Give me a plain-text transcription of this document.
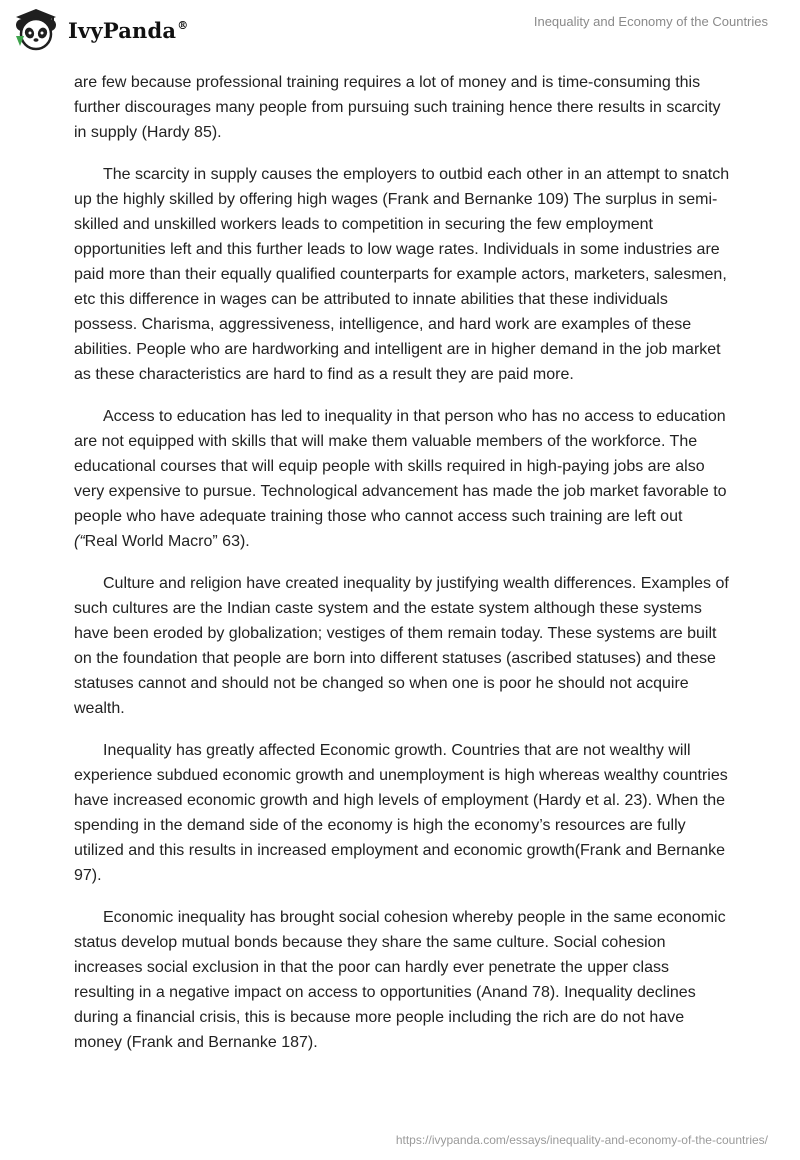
IvyPanda®	Inequality and Economy of the Countries

are few because professional training requires a lot of money and is time-consuming this further discourages many people from pursuing such training hence there results in scarcity in supply (Hardy 85).

The scarcity in supply causes the employers to outbid each other in an attempt to snatch up the highly skilled by offering high wages (Frank and Bernanke 109) The surplus in semi-skilled and unskilled workers leads to competition in securing the few employment opportunities left and this further leads to low wage rates. Individuals in some industries are paid more than their equally qualified counterparts for example actors, marketers, salesmen, etc this difference in wages can be attributed to innate abilities that these individuals possess. Charisma, aggressiveness, intelligence, and hard work are examples of these abilities. People who are hardworking and intelligent are in higher demand in the job market as these characteristics are hard to find as a result they are paid more.

Access to education has led to inequality in that person who has no access to education are not equipped with skills that will make them valuable members of the workforce. The educational courses that will equip people with skills required in high-paying jobs are also very expensive to pursue. Technological advancement has made the job market favorable to people who have adequate training those who cannot access such training are left out (“Real World Macro” 63).

Culture and religion have created inequality by justifying wealth differences. Examples of such cultures are the Indian caste system and the estate system although these systems have been eroded by globalization; vestiges of them remain today. These systems are built on the foundation that people are born into different statuses (ascribed statuses) and these statuses cannot and should not be changed so when one is poor he should not acquire wealth.

Inequality has greatly affected Economic growth. Countries that are not wealthy will experience subdued economic growth and unemployment is high whereas wealthy countries have increased economic growth and high levels of employment (Hardy et al. 23). When the spending in the demand side of the economy is high the economy’s resources are fully utilized and this results in increased employment and economic growth(Frank and Bernanke 97).

Economic inequality has brought social cohesion whereby people in the same economic status develop mutual bonds because they share the same culture. Social cohesion increases social exclusion in that the poor can hardly ever penetrate the upper class resulting in a negative impact on access to opportunities (Anand 78). Inequality declines during a financial crisis, this is because more people including the rich are do not have money (Frank and Bernanke 187).

https://ivypanda.com/essays/inequality-and-economy-of-the-countries/
